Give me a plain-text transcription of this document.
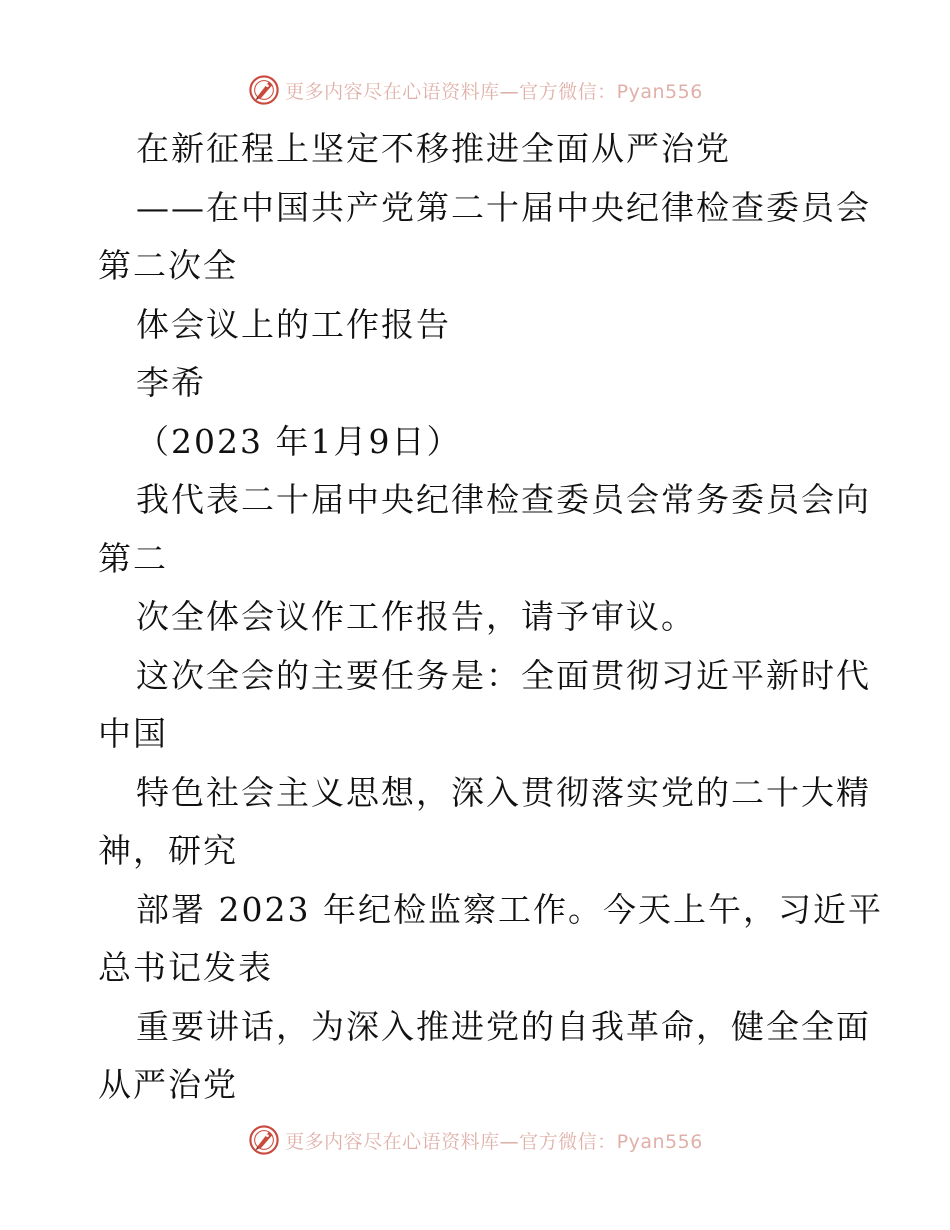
更多内容尽在心语资料库—官方微信：Pyan556
在新征程上坚定不移推进全面从严治党
——在中国共产党第二十届中央纪律检查委员会
第二次全
体会议上的工作报告
李希
（2023 年1月9日）
我代表二十届中央纪律检查委员会常务委员会向
第二
次全体会议作工作报告，请予审议。
这次全会的主要任务是：全面贯彻习近平新时代
中国
特色社会主义思想，深入贯彻落实党的二十大精
神，研究
部署 2023 年纪检监察工作。今天上午，习近平
总书记发表
重要讲话，为深入推进党的自我革命，健全全面
从严治党
更多内容尽在心语资料库—官方微信：Pyan556
